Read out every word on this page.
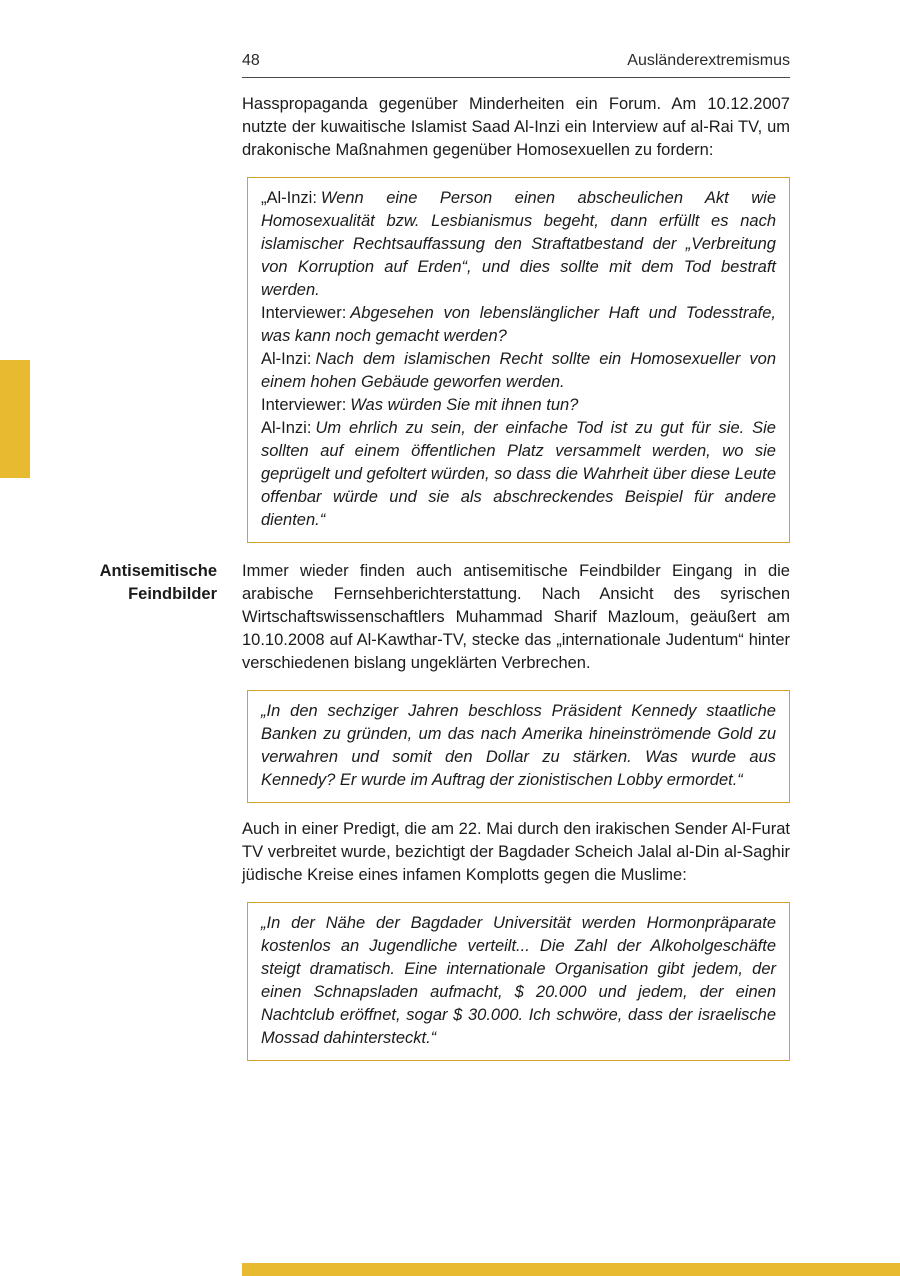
48	Ausländerextremismus

Hasspropaganda gegenüber Minderheiten ein Forum. Am 10.12.2007 nutzte der kuwaitische Islamist Saad Al-Inzi ein Interview auf al-Rai TV, um drakonische Maßnahmen gegenüber Homosexuellen zu fordern:

„Al-Inzi: Wenn eine Person einen abscheulichen Akt wie Homosexualität bzw. Lesbianismus begeht, dann erfüllt es nach islamischer Rechtsauffassung den Straftatbestand der „Verbreitung von Korruption auf Erden“, und dies sollte mit dem Tod bestraft werden.

Interviewer: Abgesehen von lebenslänglicher Haft und Todesstrafe, was kann noch gemacht werden?

Al-Inzi: Nach dem islamischen Recht sollte ein Homosexueller von einem hohen Gebäude geworfen werden.

Interviewer: Was würden Sie mit ihnen tun?

Al-Inzi: Um ehrlich zu sein, der einfache Tod ist zu gut für sie. Sie sollten auf einem öffentlichen Platz versammelt werden, wo sie geprügelt und gefoltert würden, so dass die Wahrheit über diese Leute offenbar würde und sie als abschreckendes Beispiel für andere dienten.“

Antisemitische Feindbilder

Immer wieder finden auch antisemitische Feindbilder Eingang in die arabische Fernsehberichterstattung. Nach Ansicht des syrischen Wirtschaftswissenschaftlers Muhammad Sharif Mazloum, geäußert am 10.10.2008 auf Al-Kawthar-TV, stecke das „internationale Judentum“ hinter verschiedenen bislang ungeklärten Verbrechen.

„In den sechziger Jahren beschloss Präsident Kennedy staatliche Banken zu gründen, um das nach Amerika hineinströmende Gold zu verwahren und somit den Dollar zu stärken. Was wurde aus Kennedy? Er wurde im Auftrag der zionistischen Lobby ermordet.“

Auch in einer Predigt, die am 22. Mai durch den irakischen Sender Al-Furat TV verbreitet wurde, bezichtigt der Bagdader Scheich Jalal al-Din al-Saghir jüdische Kreise eines infamen Komplotts gegen die Muslime:

„In der Nähe der Bagdader Universität werden Hormonpräparate kostenlos an Jugendliche verteilt... Die Zahl der Alkoholgeschäfte steigt dramatisch. Eine internationale Organisation gibt jedem, der einen Schnapsladen aufmacht, $ 20.000 und jedem, der einen Nachtclub eröffnet, sogar $ 30.000. Ich schwöre, dass der israelische Mossad dahintersteckt.“
